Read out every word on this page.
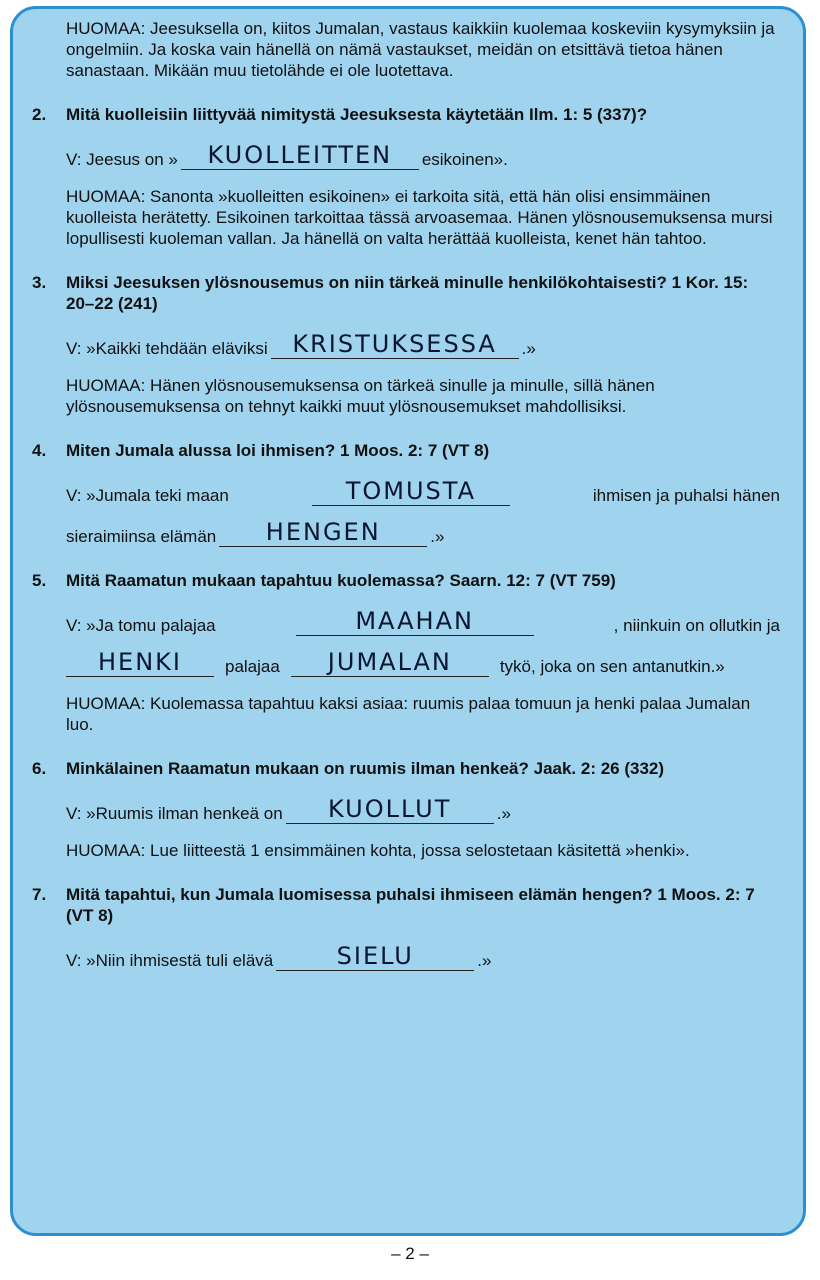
HUOMAA: Jeesuksella on, kiitos Jumalan, vastaus kaikkiin kuolemaa koskeviin kysymyksiin ja ongelmiin. Ja koska vain hänellä on nämä vastaukset, meidän on etsittävä tietoa hänen sanastaan. Mikään muu tietolähde ei ole luotettava.

2. Mitä kuolleisiin liittyvää nimitystä Jeesuksesta käytetään Ilm. 1: 5 (337)?
V: Jeesus on »	KUOLLEITTEN	esikoinen».

HUOMAA: Sanonta »kuolleitten esikoinen» ei tarkoita sitä, että hän olisi ensimmäinen kuolleista herätetty. Esikoinen tarkoittaa tässä arvoasemaa. Hänen ylösnousemuksensa mursi lopullisesti kuoleman vallan. Ja hänellä on valta herättää kuolleista, kenet hän tahtoo.

3. Miksi Jeesuksen ylösnousemus on niin tärkeä minulle henkilökohtaisesti? 1 Kor. 15: 20–22 (241)
V: »Kaikki tehdään eläviksi	KRISTUKSESSA	.»

HUOMAA: Hänen ylösnousemuksensa on tärkeä sinulle ja minulle, sillä hänen ylösnousemuksensa on tehnyt kaikki muut ylösnousemukset mahdollisiksi.

4. Miten Jumala alussa loi ihmisen? 1 Moos. 2: 7 (VT 8)
V: »Jumala teki maan	TOMUSTA	ihmisen ja puhalsi hänen
sieraimiinsa elämän	HENGEN	.»
5. Mitä Raamatun mukaan tapahtuu kuolemassa? Saarn. 12: 7 (VT 759)
V: »Ja tomu palajaa	MAAHAN	, niinkuin on ollutkin ja
HENKI	palajaa	JUMALAN	tykö, joka on sen antanutkin.»

HUOMAA: Kuolemassa tapahtuu kaksi asiaa: ruumis palaa tomuun ja henki palaa Jumalan luo.

6. Minkälainen Raamatun mukaan on ruumis ilman henkeä? Jaak. 2: 26 (332)
V: »Ruumis ilman henkeä on	KUOLLUT	.»

HUOMAA: Lue liitteestä 1 ensimmäinen kohta, jossa selostetaan käsitettä »henki».

7. Mitä tapahtui, kun Jumala luomisessa puhalsi ihmiseen elämän hengen? 1 Moos. 2: 7 (VT 8)
V: »Niin ihmisestä tuli elävä	SIELU	.»
– 2 –
